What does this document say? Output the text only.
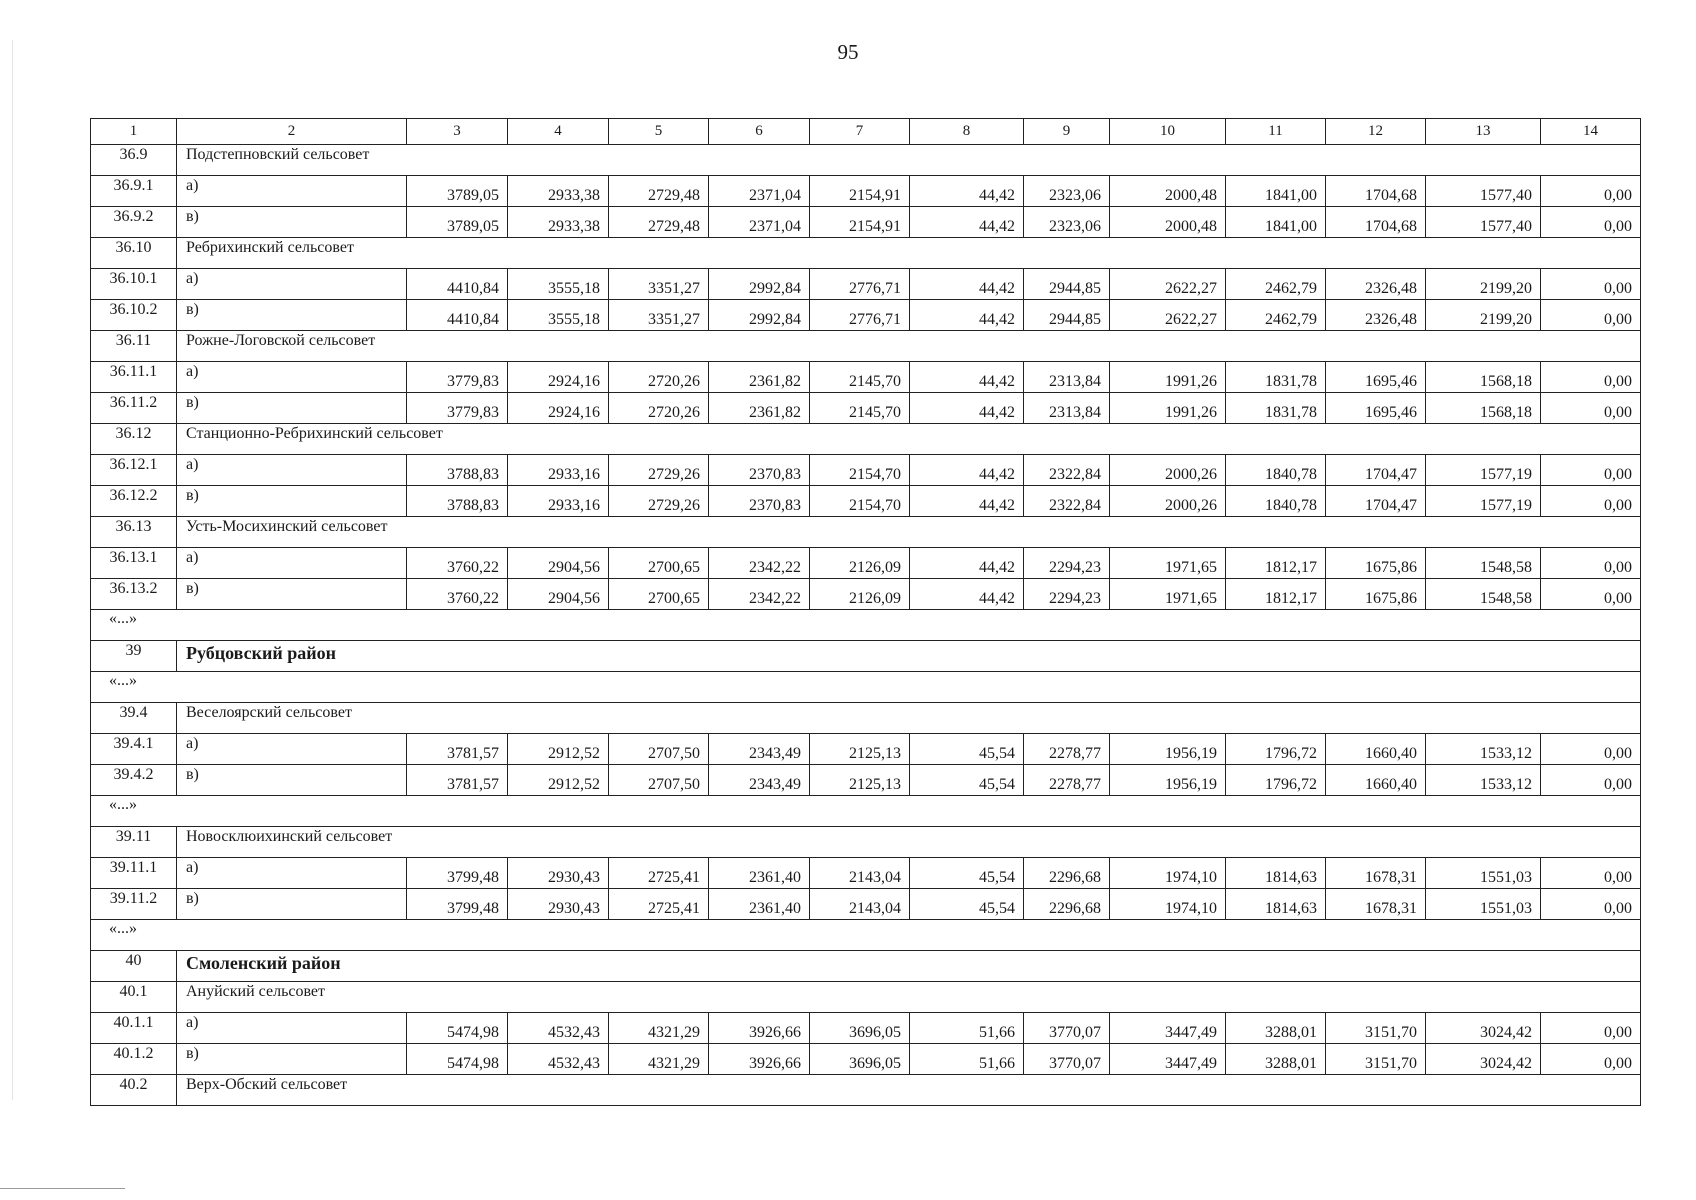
95
1	2	3	4	5	6	7	8	9	10	11	12	13	14
36.9	Подстепновский сельсовет												
36.9.1	а)	3789,05	2933,38	2729,48	2371,04	2154,91	44,42	2323,06	2000,48	1841,00	1704,68	1577,40	0,00
36.9.2	в)	3789,05	2933,38	2729,48	2371,04	2154,91	44,42	2323,06	2000,48	1841,00	1704,68	1577,40	0,00
36.10	Ребрихинский сельсовет												
36.10.1	а)	4410,84	3555,18	3351,27	2992,84	2776,71	44,42	2944,85	2622,27	2462,79	2326,48	2199,20	0,00
36.10.2	в)	4410,84	3555,18	3351,27	2992,84	2776,71	44,42	2944,85	2622,27	2462,79	2326,48	2199,20	0,00
36.11	Рожне-Логовской сельсовет												
36.11.1	а)	3779,83	2924,16	2720,26	2361,82	2145,70	44,42	2313,84	1991,26	1831,78	1695,46	1568,18	0,00
36.11.2	в)	3779,83	2924,16	2720,26	2361,82	2145,70	44,42	2313,84	1991,26	1831,78	1695,46	1568,18	0,00
36.12	Станционно-Ребрихинский сельсовет												
36.12.1	а)	3788,83	2933,16	2729,26	2370,83	2154,70	44,42	2322,84	2000,26	1840,78	1704,47	1577,19	0,00
36.12.2	в)	3788,83	2933,16	2729,26	2370,83	2154,70	44,42	2322,84	2000,26	1840,78	1704,47	1577,19	0,00
36.13	Усть-Мосихинский сельсовет												
36.13.1	а)	3760,22	2904,56	2700,65	2342,22	2126,09	44,42	2294,23	1971,65	1812,17	1675,86	1548,58	0,00
36.13.2	в)	3760,22	2904,56	2700,65	2342,22	2126,09	44,42	2294,23	1971,65	1812,17	1675,86	1548,58	0,00
«...»													
39	Рубцовский район												
«...»													
39.4	Веселоярский сельсовет												
39.4.1	а)	3781,57	2912,52	2707,50	2343,49	2125,13	45,54	2278,77	1956,19	1796,72	1660,40	1533,12	0,00
39.4.2	в)	3781,57	2912,52	2707,50	2343,49	2125,13	45,54	2278,77	1956,19	1796,72	1660,40	1533,12	0,00
«...»													
39.11	Новосклюихинский сельсовет												
39.11.1	а)	3799,48	2930,43	2725,41	2361,40	2143,04	45,54	2296,68	1974,10	1814,63	1678,31	1551,03	0,00
39.11.2	в)	3799,48	2930,43	2725,41	2361,40	2143,04	45,54	2296,68	1974,10	1814,63	1678,31	1551,03	0,00
«...»													
40	Смоленский район												
40.1	Ануйский сельсовет												
40.1.1	а)	5474,98	4532,43	4321,29	3926,66	3696,05	51,66	3770,07	3447,49	3288,01	3151,70	3024,42	0,00
40.1.2	в)	5474,98	4532,43	4321,29	3926,66	3696,05	51,66	3770,07	3447,49	3288,01	3151,70	3024,42	0,00
40.2	Верх-Обский сельсовет												
